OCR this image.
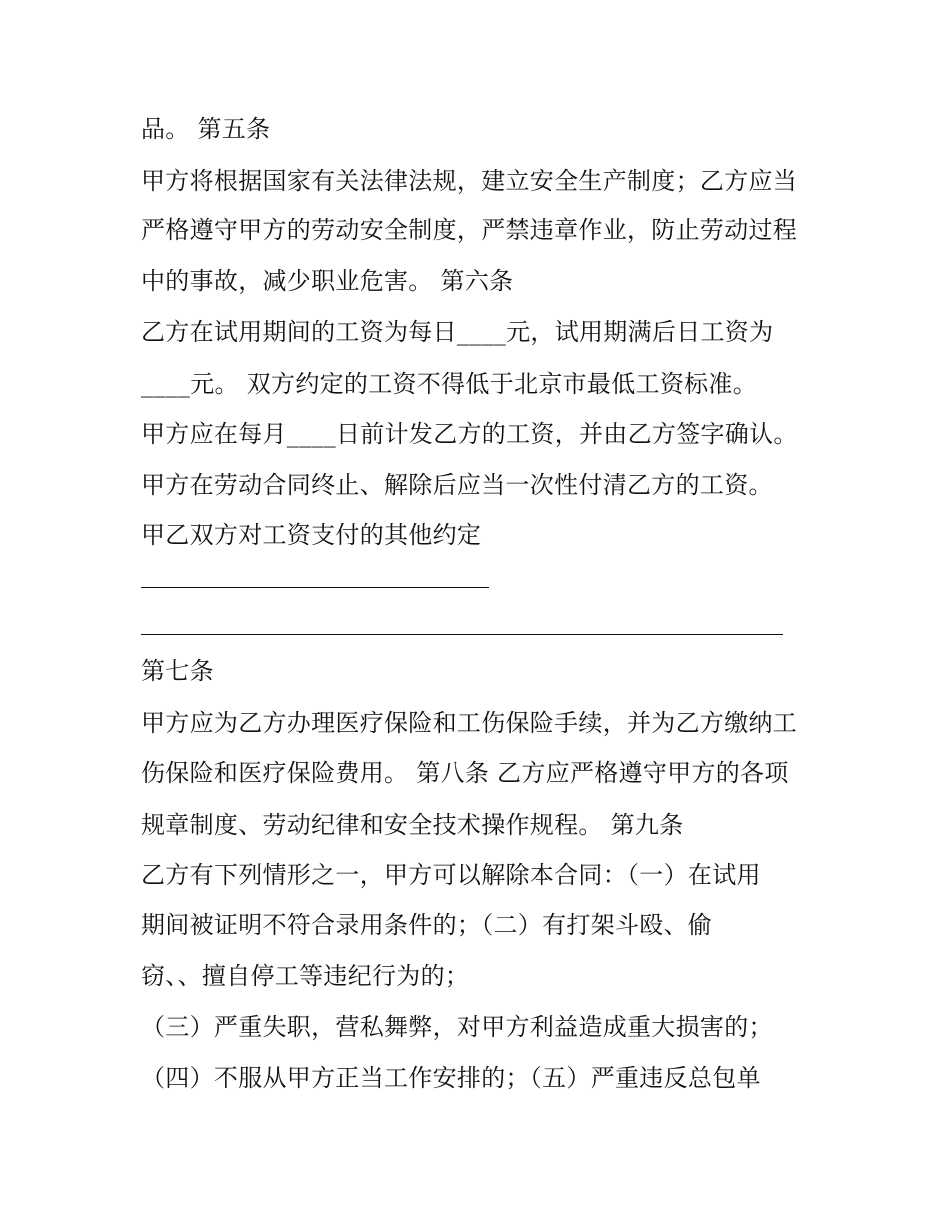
品。 第五条
甲方将根据国家有关法律法规，建立安全生产制度；乙方应当
严格遵守甲方的劳动安全制度，严禁违章作业，防止劳动过程
中的事故，减少职业危害。 第六条
乙方在试用期间的工资为每日____元，试用期满后日工资为
____元。 双方约定的工资不得低于北京市最低工资标准。
甲方应在每月____日前计发乙方的工资，并由乙方签字确认。
甲方在劳动合同终止、解除后应当一次性付清乙方的工资。
甲乙双方对工资支付的其他约定
第七条
甲方应为乙方办理医疗保险和工伤保险手续，并为乙方缴纳工
伤保险和医疗保险费用。 第八条 乙方应严格遵守甲方的各项
规章制度、劳动纪律和安全技术操作规程。 第九条
乙方有下列情形之一，甲方可以解除本合同：（一）在试用
期间被证明不符合录用条件的；（二）有打架斗殴、偷
窃、、擅自停工等违纪行为的；
（三）严重失职，营私舞弊，对甲方利益造成重大损害的；
（四）不服从甲方正当工作安排的；（五）严重违反总包单
